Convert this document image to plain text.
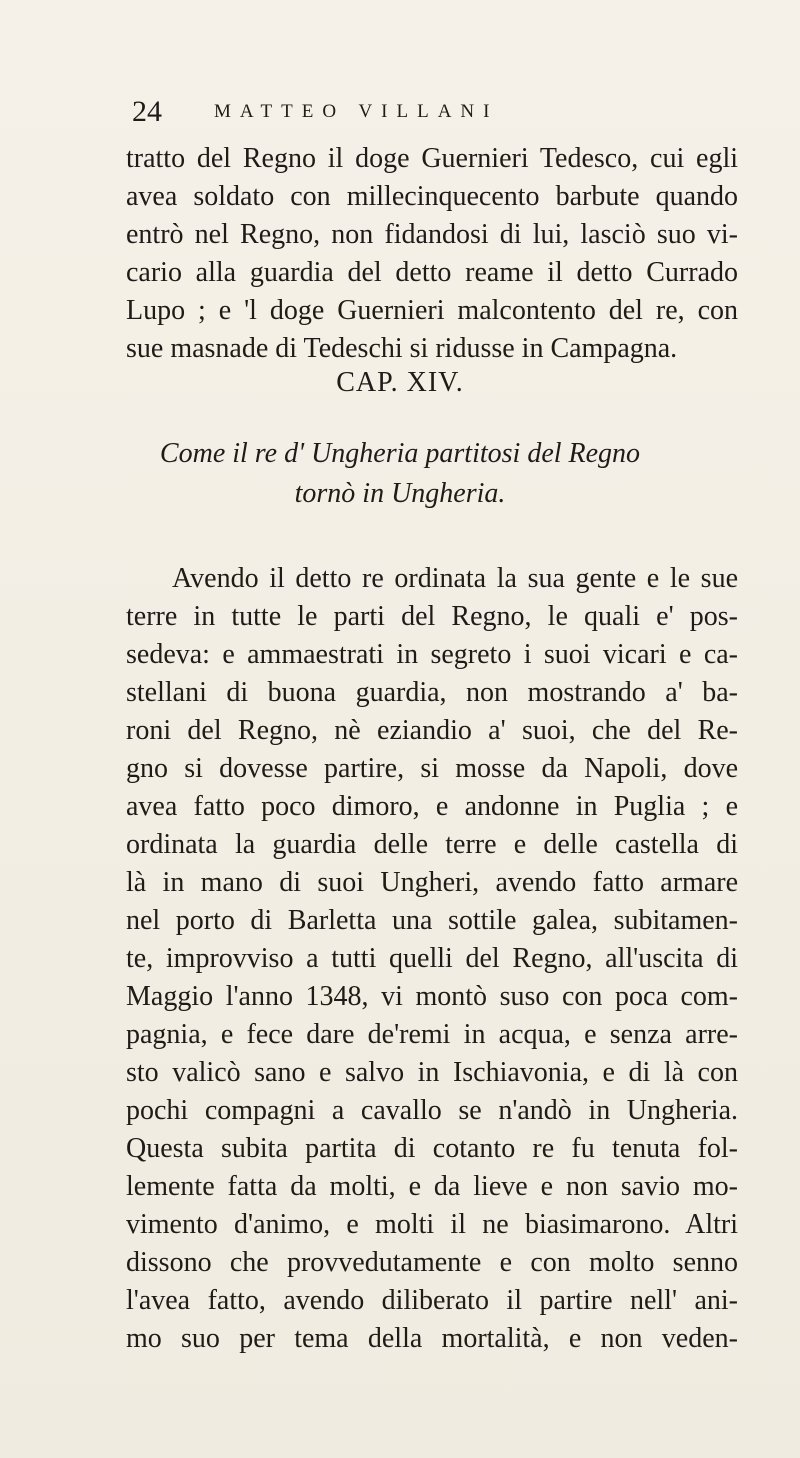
24	MATTEO VILLANI
tratto del Regno il doge Guernieri Tedesco, cui egli
avea soldato con millecinquecento barbute quando
entrò nel Regno, non fidandosi di lui, lasciò suo vi-
cario alla guardia del detto reame il detto Currado
Lupo ; e 'l doge Guernieri malcontento del re, con
sue masnade di Tedeschi si ridusse in Campagna.
CAP. XIV.
Come il re d' Ungheria partitosi del Regno
tornò in Ungheria.
Avendo il detto re ordinata la sua gente e le sue
terre in tutte le parti del Regno, le quali e' pos-
sedeva: e ammaestrati in segreto i suoi vicari e ca-
stellani di buona guardia, non mostrando a' ba-
roni del Regno, nè eziandio a' suoi, che del Re-
gno si dovesse partire, si mosse da Napoli, dove
avea fatto poco dimoro, e andonne in Puglia ; e
ordinata la guardia delle terre e delle castella di
là in mano di suoi Ungheri, avendo fatto armare
nel porto di Barletta una sottile galea, subitamen-
te, improvviso a tutti quelli del Regno, all'uscita di
Maggio l'anno 1348, vi montò suso con poca com-
pagnia, e fece dare de'remi in acqua, e senza arre-
sto valicò sano e salvo in Ischiavonia, e di là con
pochi compagni a cavallo se n'andò in Ungheria.
Questa subita partita di cotanto re fu tenuta fol-
lemente fatta da molti, e da lieve e non savio mo-
vimento d'animo, e molti il ne biasimarono. Altri
dissono che provvedutamente e con molto senno
l'avea fatto, avendo diliberato il partire nell' ani-
mo suo per tema della mortalità, e non veden-
